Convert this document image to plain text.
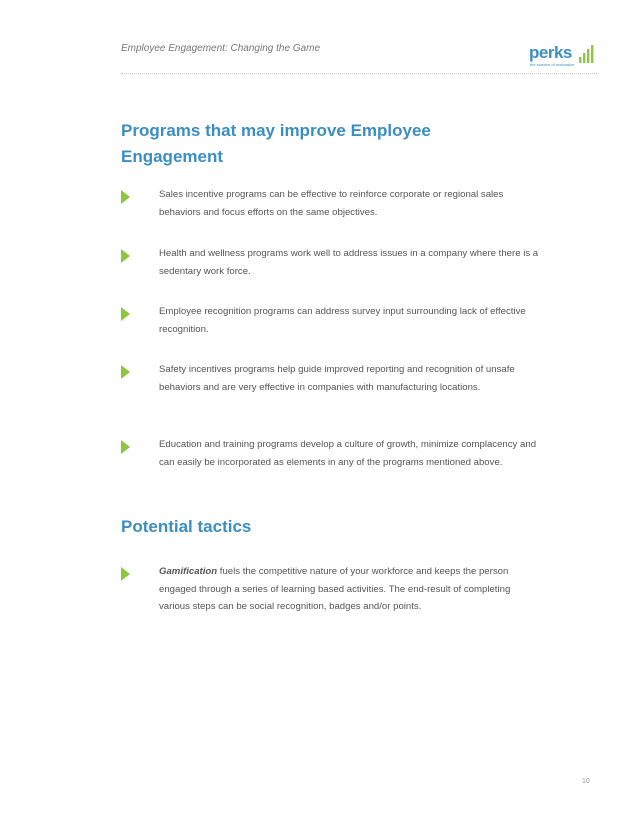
Employee Engagement: Changing the Game	perks
the science of motivation
Programs that may improve Employee Engagement

Sales incentive programs can be effective to reinforce corporate or regional sales behaviors and focus efforts on the same objectives.

Health and wellness programs work well to address issues in a company where there is a sedentary work force.

Employee recognition programs can address survey input surrounding lack of effective recognition.

Safety incentives programs help guide improved reporting and recognition of unsafe behaviors and are very effective in companies with manufacturing locations.

Education and training programs develop a culture of growth, minimize complacency and can easily be incorporated as elements in any of the programs mentioned above.

Potential tactics

Gamification fuels the competitive nature of your workforce and keeps the person engaged through a series of learning based activities. The end-result of completing various steps can be social recognition, badges and/or points.

10
